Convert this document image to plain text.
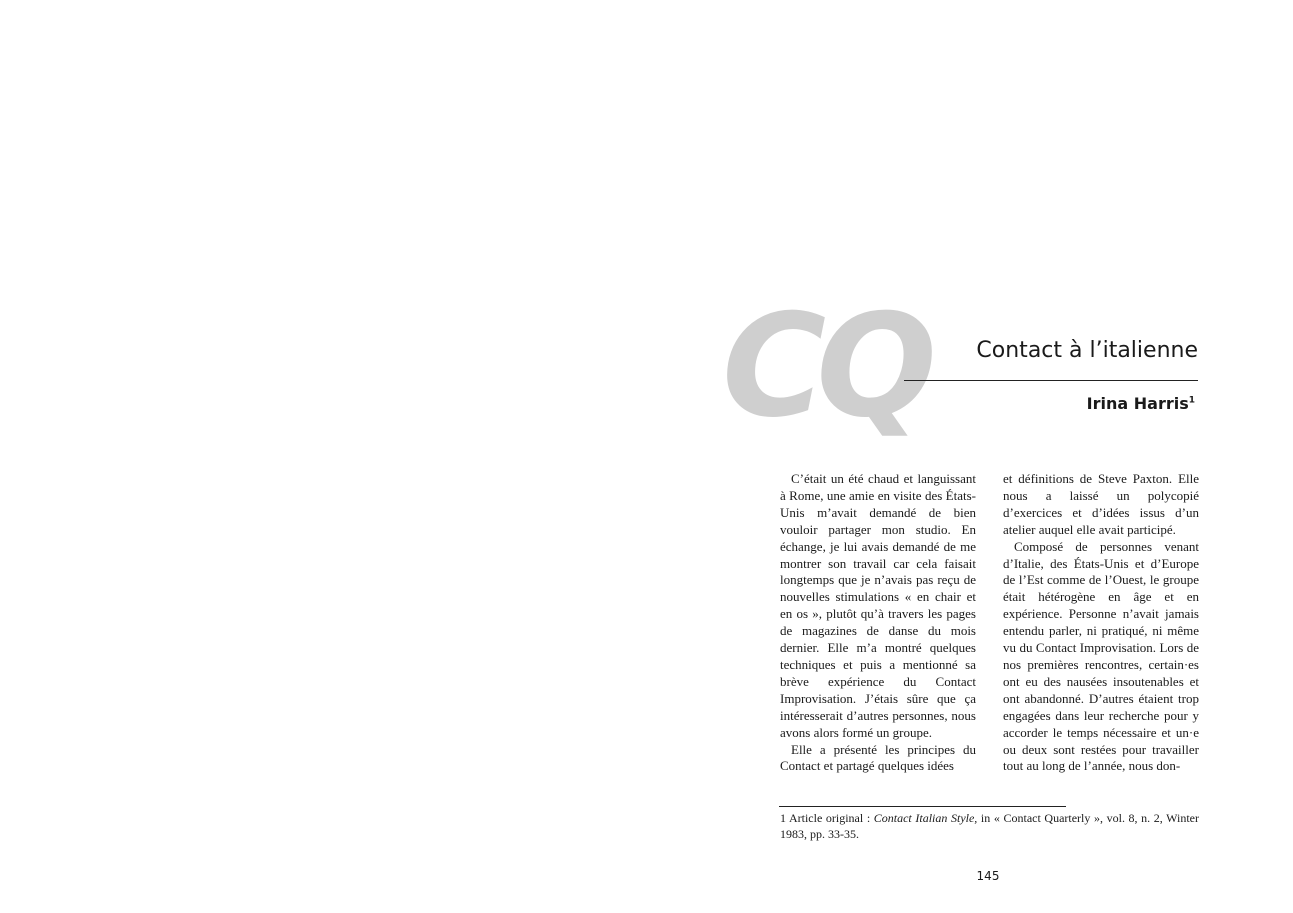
CQ Contact à l’italienne

Irina Harris$^1$

C’était un été chaud et languissant à Rome, une amie en visite des États-Unis m’avait demandé de bien vouloir partager mon studio. En échange, je lui avais demandé de me montrer son travail car cela faisait longtemps que je n’avais pas reçu de nouvelles stimulations « en chair et en os », plutôt qu’à travers les pages de magazines de danse du mois dernier. Elle m’a montré quelques techniques et puis a mentionné sa brève expérience du Contact Improvisation. J’étais sûre que ça intéresserait d’autres personnes, nous avons alors formé un groupe.

Elle a présenté les principes du Contact et partagé quelques idées

et définitions de Steve Paxton. Elle nous a laissé un polycopié d’exercices et d’idées issus d’un atelier auquel elle avait participé.

Composé de personnes venant d’Italie, des États-Unis et d’Europe de l’Est comme de l’Ouest, le groupe était hétérogène en âge et en expérience. Personne n’avait jamais entendu parler, ni pratiqué, ni même vu du Contact Improvisation. Lors de nos premières rencontres, certain·es ont eu des nausées insoutenables et ont abandonné. D’autres étaient trop engagées dans leur recherche pour y accorder le temps nécessaire et un·e ou deux sont restées pour travailler tout au long de l’année, nous don-

1 Article original : Contact Italian Style, in « Contact Quarterly », vol. 8, n. 2, Winter 1983, pp. 33-35.

145
